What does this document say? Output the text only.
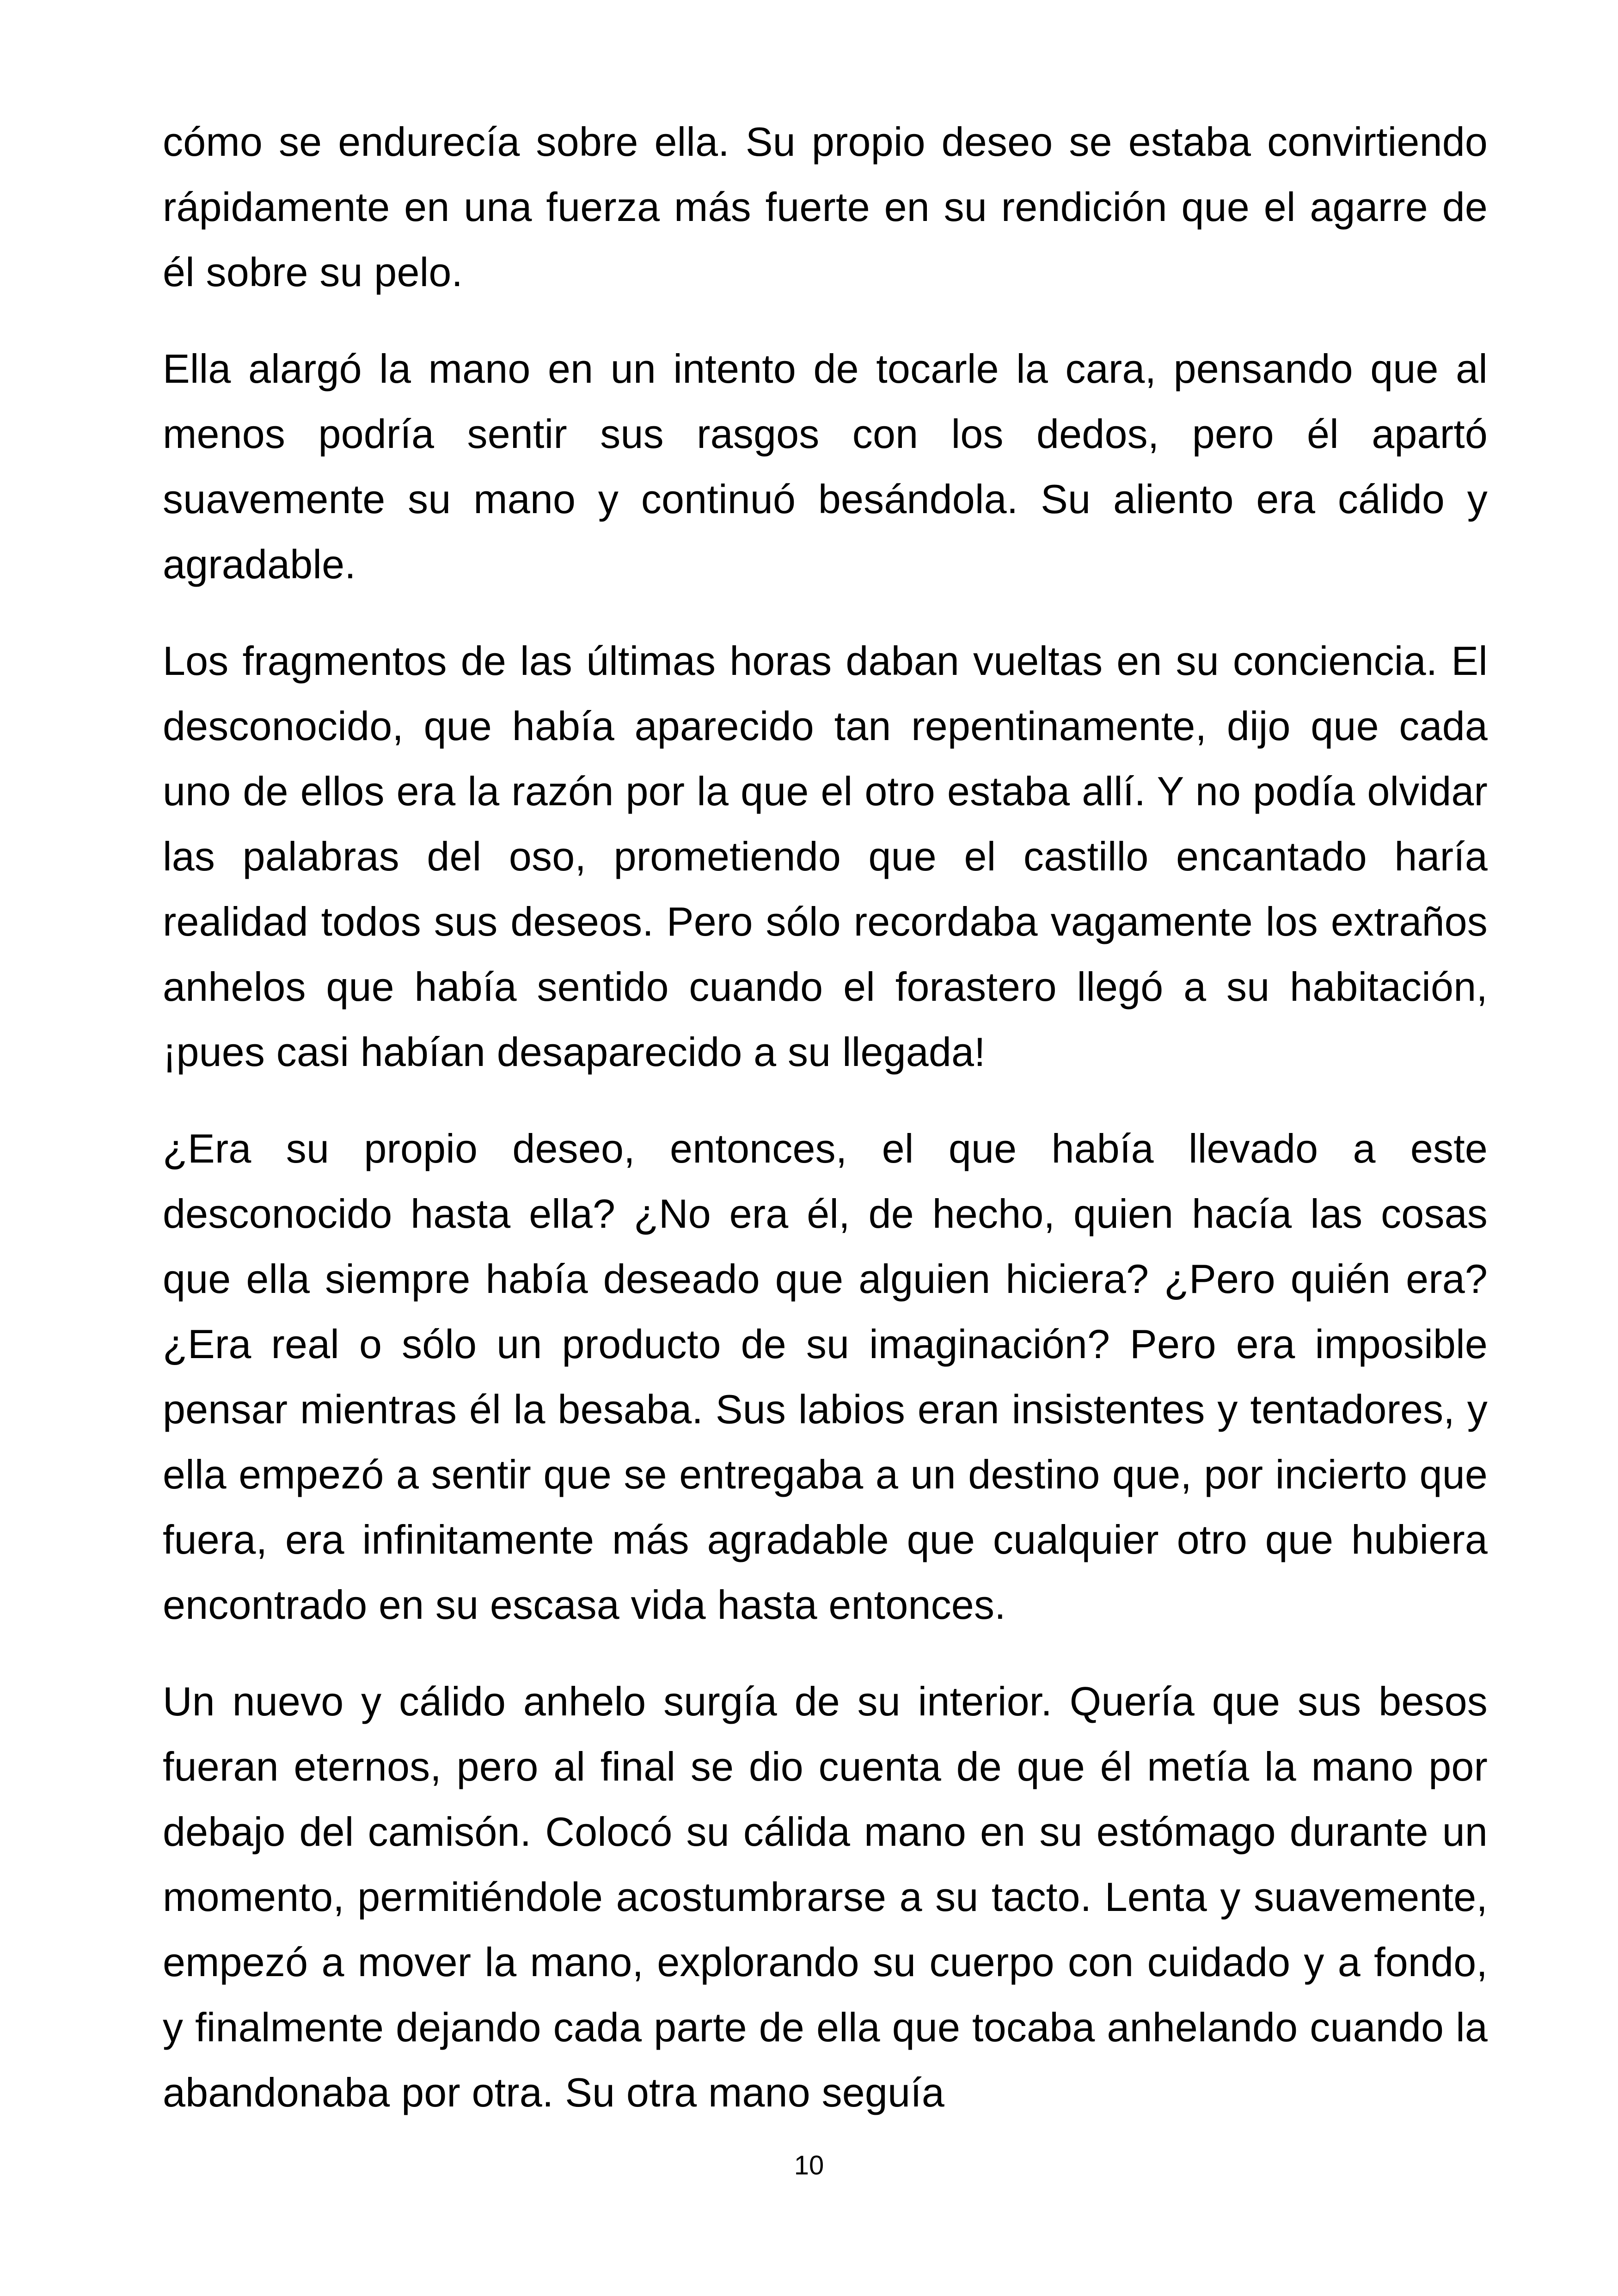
cómo se endurecía sobre ella. Su propio deseo se estaba convirtiendo rápidamente en una fuerza más fuerte en su rendición que el agarre de él sobre su pelo.

Ella alargó la mano en un intento de tocarle la cara, pensando que al menos podría sentir sus rasgos con los dedos, pero él apartó suavemente su mano y continuó besándola. Su aliento era cálido y agradable.

Los fragmentos de las últimas horas daban vueltas en su conciencia. El desconocido, que había aparecido tan repentinamente, dijo que cada uno de ellos era la razón por la que el otro estaba allí. Y no podía olvidar las palabras del oso, prometiendo que el castillo encantado haría realidad todos sus deseos. Pero sólo recordaba vagamente los extraños anhelos que había sentido cuando el forastero llegó a su habitación, ¡pues casi habían desaparecido a su llegada!

¿Era su propio deseo, entonces, el que había llevado a este desconocido hasta ella? ¿No era él, de hecho, quien hacía las cosas que ella siempre había deseado que alguien hiciera? ¿Pero quién era? ¿Era real o sólo un producto de su imaginación? Pero era imposible pensar mientras él la besaba. Sus labios eran insistentes y tentadores, y ella empezó a sentir que se entregaba a un destino que, por incierto que fuera, era infinitamente más agradable que cualquier otro que hubiera encontrado en su escasa vida hasta entonces.

Un nuevo y cálido anhelo surgía de su interior. Quería que sus besos fueran eternos, pero al final se dio cuenta de que él metía la mano por debajo del camisón. Colocó su cálida mano en su estómago durante un momento, permitiéndole acostumbrarse a su tacto. Lenta y suavemente, empezó a mover la mano, explorando su cuerpo con cuidado y a fondo, y finalmente dejando cada parte de ella que tocaba anhelando cuando la abandonaba por otra. Su otra mano seguía

10
